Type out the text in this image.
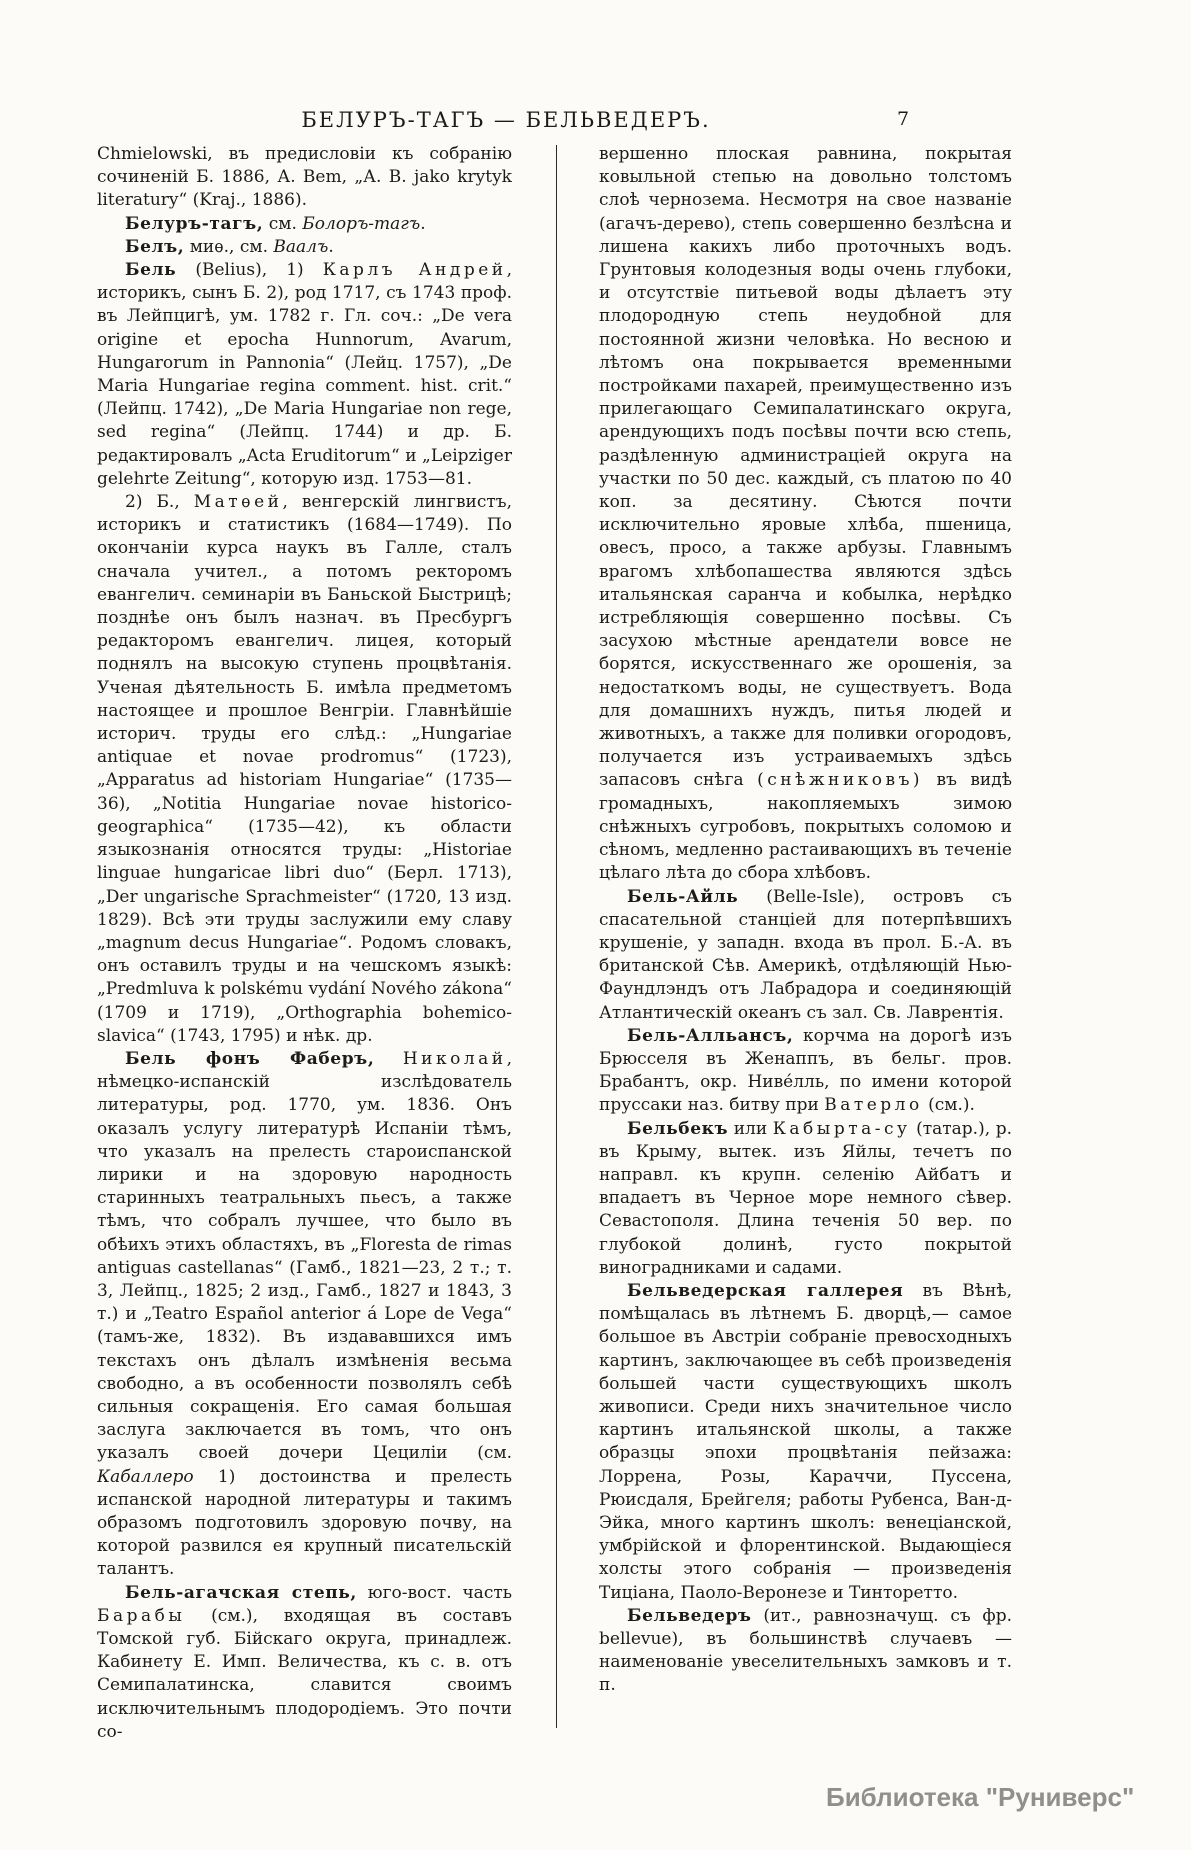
БЕЛУРЪ-ТАГЪ — БЕЛЬВЕДЕРЪ.	7

Chmielowski, въ предисловіи къ собранію сочиненій Б. 1886, А. Bem, „А. B. jako krytyk literatury“ (Kraj., 1886).

Белуръ-тагъ, см. Болоръ-тагъ.

Белъ, миѳ., см. Ваалъ.

Бель (Belius), 1) Карлъ Андрей, историкъ, сынъ Б. 2), род 1717, съ 1743 проф. въ Лейпцигѣ, ум. 1782 г. Гл. соч.: „De vera origine et epocha Hunnorum, Avarum, Hungarorum in Pannonia“ (Лейц. 1757), „De Maria Hungariae regina comment. hist. crit.“ (Лейпц. 1742), „De Maria Hungariae non rege, sed regina“ (Лейпц. 1744) и др. Б. редактировалъ „Acta Eruditorum“ и „Leipziger gelehrte Zeitung“, которую изд. 1753—81.

2) Б., Матѳей, венгерскій лингвистъ, историкъ и статистикъ (1684—1749). По окончаніи курса наукъ въ Галле, сталъ сначала учител., а потомъ ректоромъ евангелич. семинаріи въ Баньской Быстрицѣ; позднѣе онъ былъ назнач. въ Пресбургъ редакторомъ евангелич. лицея, который поднялъ на высокую ступень процвѣтанія. Ученая дѣятельность Б. имѣла предметомъ настоящее и прошлое Венгріи. Главнѣйшіе историч. труды его слѣд.: „Hungariae antiquae et novae prodromus“ (1723), „Apparatus ad historiam Hungariae“ (1735—36), „Notitia Hungariae novae historico-geographica“ (1735—42), къ области языкознанія относятся труды: „Historiae linguae hungaricae libri duo“ (Берл. 1713), „Der ungarische Sprachmeister“ (1720, 13 изд. 1829). Всѣ эти труды заслужили ему славу „magnum decus Hungariae“. Родомъ словакъ, онъ оставилъ труды и на чешскомъ языкѣ: „Predmluva k polskému vydání Nového zákona“ (1709 и 1719), „Orthographia bohemico-slavica“ (1743, 1795) и нѣк. др.

Бель фонъ Фаберъ, Николай, нѣмецко-испанскій изслѣдователь литературы, род. 1770, ум. 1836. Онъ оказалъ услугу литературѣ Испаніи тѣмъ, что указалъ на прелесть староиспанской лирики и на здоровую народность старинныхъ театральныхъ пьесъ, а также тѣмъ, что собралъ лучшее, что было въ обѣихъ этихъ областяхъ, въ „Floresta de rimas antiguas castellanas“ (Гамб., 1821—23, 2 т.; т. 3, Лейпц., 1825; 2 изд., Гамб., 1827 и 1843, 3 т.) и „Teatro Español anterior á Lope de Vega“ (тамъ-же, 1832). Въ издававшихся имъ текстахъ онъ дѣлалъ измѣненія весьма свободно, а въ особенности позволялъ себѣ сильныя сокращенія. Его самая большая заслуга заключается въ томъ, что онъ указалъ своей дочери Цециліи (см. Кабаллеро 1) достоинства и прелесть испанской народной литературы и такимъ образомъ подготовилъ здоровую почву, на которой развился ея крупный писательскій талантъ.

Бель-агачская степь, юго-вост. часть Барабы (см.), входящая въ составъ Томской губ. Бійскаго округа, принадлеж. Кабинету Е. Имп. Величества, къ с. в. отъ Семипалатинска, славится своимъ исключительнымъ плодородіемъ. Это почти со-

вершенно плоская равнина, покрытая ковыльной степью на довольно толстомъ слоѣ чернозема. Несмотря на свое названіе (агачъ-дерево), степь совершенно безлѣсна и лишена какихъ либо проточныхъ водъ. Грунтовыя колодезныя воды очень глубоки, и отсутствіе питьевой воды дѣлаетъ эту плодородную степь неудобной для постоянной жизни человѣка. Но весною и лѣтомъ она покрывается временными постройками пахарей, преимущественно изъ прилегающаго Семипалатинскаго округа, арендующихъ подъ посѣвы почти всю степь, раздѣленную администраціей округа на участки по 50 дес. каждый, съ платою по 40 коп. за десятину. Сѣются почти исключительно яровые хлѣба, пшеница, овесъ, просо, а также арбузы. Главнымъ врагомъ хлѣбопашества являются здѣсь итальянская саранча и кобылка, нерѣдко истребляющія совершенно посѣвы. Съ засухою мѣстные арендатели вовсе не борятся, искусственнаго же орошенія, за недостаткомъ воды, не существуетъ. Вода для домашнихъ нуждъ, питья людей и животныхъ, а также для поливки огородовъ, получается изъ устраиваемыхъ здѣсь запасовъ снѣга (снѣжниковъ) въ видѣ громадныхъ, накопляемыхъ зимою снѣжныхъ сугробовъ, покрытыхъ соломою и сѣномъ, медленно растаивающихъ въ теченіе цѣлаго лѣта до сбора хлѣбовъ.

Бель-Айль (Belle-Isle), островъ съ спасательной станціей для потерпѣвшихъ крушеніе, у западн. входа въ прол. Б.-А. въ британской Сѣв. Америкѣ, отдѣляющій Нью-Фаундлэндъ отъ Лабрадора и соединяющій Атлантическій океанъ съ зал. Св. Лаврентія.

Бель-Алльансъ, корчма на дорогѣ изъ Брюсселя въ Женаппъ, въ бельг. пров. Брабантъ, окр. Ниве́лль, по имени которой пруссаки наз. битву при Ватерло (см.).

Бельбекъ или Кабырта-су (татар.), р. въ Крыму, вытек. изъ Яйлы, течетъ по направл. къ крупн. селенію Айбатъ и впадаетъ въ Черное море немного сѣвер. Севастополя. Длина теченія 50 вер. по глубокой долинѣ, густо покрытой виноградниками и садами.

Бельведерская галлерея въ Вѣнѣ, помѣщалась въ лѣтнемъ Б. дворцѣ,— самое большое въ Австріи собраніе превосходныхъ картинъ, заключающее въ себѣ произведенія большей части существующихъ школъ живописи. Среди нихъ значительное число картинъ итальянской школы, а также образцы эпохи процвѣтанія пейзажа: Лоррена, Розы, Караччи, Пуссена, Рюисдаля, Брейгеля; работы Рубенса, Ван-д-Эйка, много картинъ школъ: венеціанской, умбрійской и флорентинской. Выдающіеся холсты этого собранія — произведенія Тиціана, Паоло-Веронезе и Тинторетто.

Бельведеръ (ит., равнозначущ. съ фр. bellevue), въ большинствѣ случаевъ — наименованіе увеселительныхъ замковъ и т. п.

Библиотека "Руниверс"
